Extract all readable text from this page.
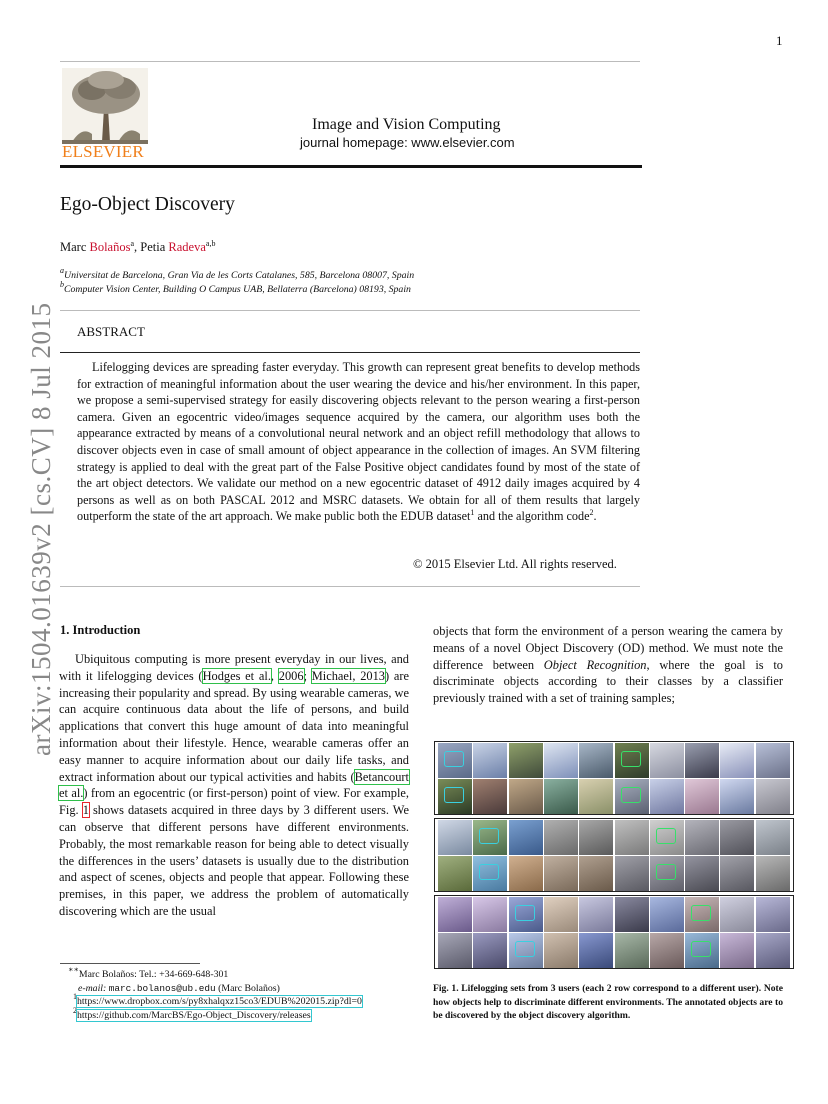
1
arXiv:1504.01639v2 [cs.CV] 8 Jul 2015
ELSEVIER
Image and Vision Computing
journal homepage: www.elsevier.com
Ego-Object Discovery
Marc Bolaños$^a$, Petia Radeva$^{a,b}$
$^a$Universitat de Barcelona, Gran Via de les Corts Catalanes, 585, Barcelona 08007, Spain
$^b$Computer Vision Center, Building O Campus UAB, Bellaterra (Barcelona) 08193, Spain
ABSTRACT
Lifelogging devices are spreading faster everyday. This growth can represent great benefits to develop methods for extraction of meaningful information about the user wearing the device and his/her environment. In this paper, we propose a semi-supervised strategy for easily discovering objects relevant to the person wearing a first-person camera. Given an egocentric video/images sequence acquired by the camera, our algorithm uses both the appearance extracted by means of a convolutional neural network and an object refill methodology that allows to discover objects even in case of small amount of object appearance in the collection of images. An SVM filtering strategy is applied to deal with the great part of the False Positive object candidates found by most of the state of the art object detectors. We validate our method on a new egocentric dataset of 4912 daily images acquired by 4 persons as well as on both PASCAL 2012 and MSRC datasets. We obtain for all of them results that largely outperform the state of the art approach. We make public both the EDUB dataset$^1$ and the algorithm code$^2$.
© 2015 Elsevier Ltd. All rights reserved.
1. Introduction
Ubiquitous computing is more present everyday in our lives, and with it lifelogging devices (Hodges et al., 2006; Michael, 2013) are increasing their popularity and spread. By using wearable cameras, we can acquire continuous data about the life of persons, and build applications that convert this huge amount of data into meaningful information about their lifestyle. Hence, wearable cameras offer an easy manner to acquire information about our daily life tasks, and extract information about our typical activities and habits (Betancourt et al.) from an egocentric (or first-person) point of view. For example, Fig. 1 shows datasets acquired in three days by 3 different users. We can observe that different persons have different environments. Probably, the most remarkable reason for being able to detect visually the differences in the users’ datasets is usually due to the distribution and aspect of scenes, objects and people that appear. Following these premises, in this paper, we address the problem of automatically discovering which are the usual
objects that form the environment of a person wearing the camera by means of a novel Object Discovery (OD) method. We must note the difference between Object Recognition, where the goal is to discriminate objects according to their classes by a classifier previously trained with a set of training samples;
Fig. 1. Lifelogging sets from 3 users (each 2 row correspond to a different user). Note how objects help to discriminate different environments. The annotated objects are to be discovered by the object discovery algorithm.
∗∗Marc Bolaños: Tel.: +34-669-648-301
e-mail: marc.bolanos@ub.edu (Marc Bolaños)
$^1$https://www.dropbox.com/s/py8xhalqxz15co3/EDUB%202015.zip?dl=0
$^2$https://github.com/MarcBS/Ego-Object_Discovery/releases
